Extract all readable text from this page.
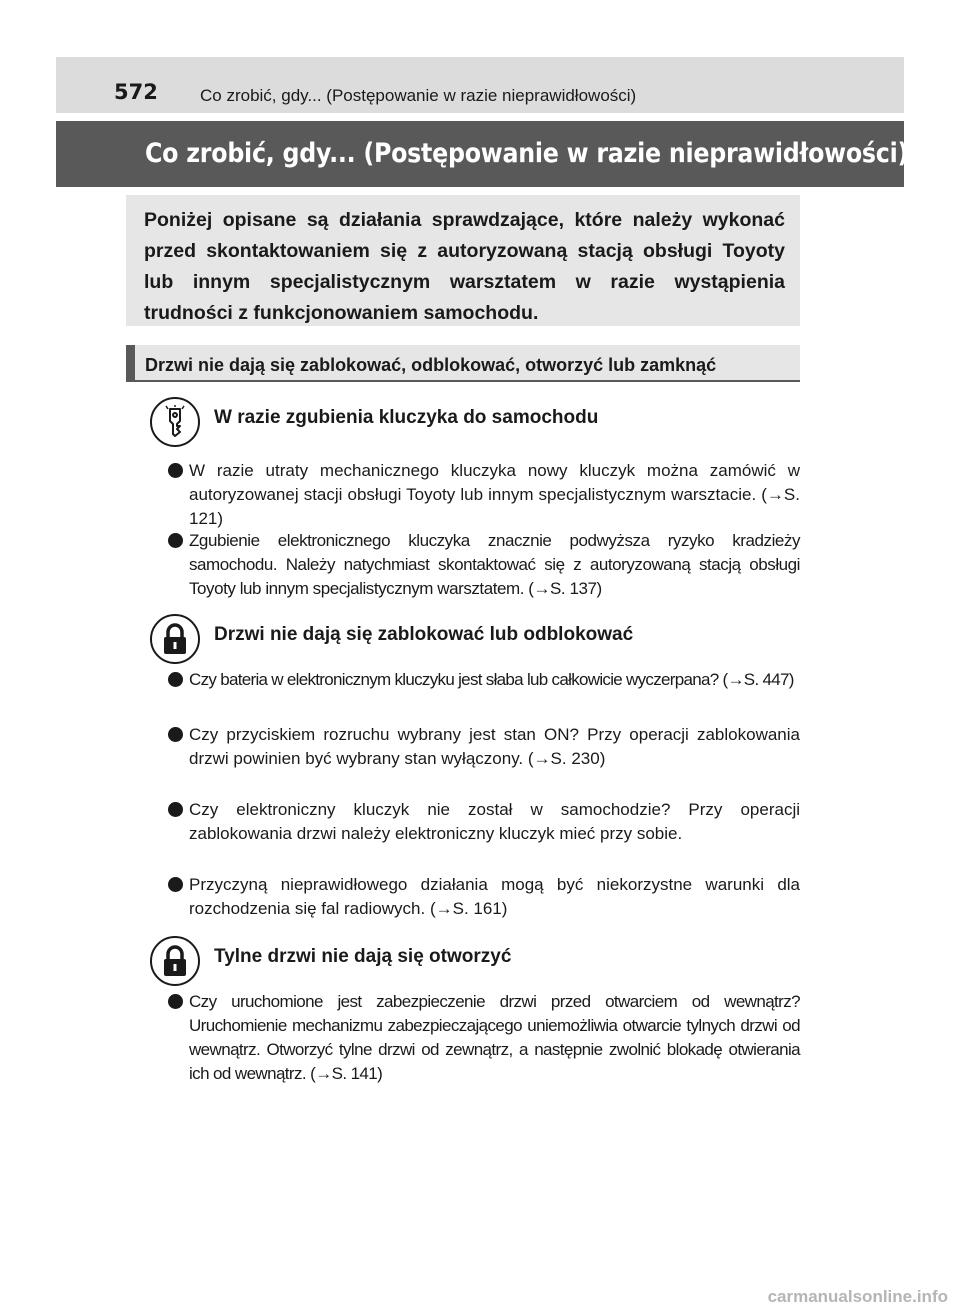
572 Co zrobić, gdy... (Postępowanie w razie nieprawidłowości)
Co zrobić, gdy... (Postępowanie w razie nieprawidłowości)
Poniżej opisane są działania sprawdzające, które należy wykonać przed skontaktowaniem się z autoryzowaną stacją obsługi Toyoty lub innym specjalistycznym warsztatem w razie wystąpienia trudności z funkcjonowaniem samochodu.
Drzwi nie dają się zablokować, odblokować, otworzyć lub zamknąć
W razie zgubienia kluczyka do samochodu
W razie utraty mechanicznego kluczyka nowy kluczyk można zamówić w autoryzowanej stacji obsługi Toyoty lub innym specjalistycznym warsztacie. (→S. 121)
Zgubienie elektronicznego kluczyka znacznie podwyższa ryzyko kradzieży samochodu. Należy natychmiast skontaktować się z autoryzowaną stacją obsługi Toyoty lub innym specjalistycznym warsztatem. (→S. 137)
Drzwi nie dają się zablokować lub odblokować
Czy bateria w elektronicznym kluczyku jest słaba lub całkowicie wyczerpana? (→S. 447)
Czy przyciskiem rozruchu wybrany jest stan ON? Przy operacji zablokowania drzwi powinien być wybrany stan wyłączony. (→S. 230)
Czy elektroniczny kluczyk nie został w samochodzie? Przy operacji zablokowania drzwi należy elektroniczny kluczyk mieć przy sobie.
Przyczyną nieprawidłowego działania mogą być niekorzystne warunki dla rozchodzenia się fal radiowych. (→S. 161)
Tylne drzwi nie dają się otworzyć
Czy uruchomione jest zabezpieczenie drzwi przed otwarciem od wewnątrz? Uruchomienie mechanizmu zabezpieczającego uniemożliwia otwarcie tylnych drzwi od wewnątrz. Otworzyć tylne drzwi od zewnątrz, a następnie zwolnić blokadę otwierania ich od wewnątrz. (→S. 141)
carmanualsonline.info
